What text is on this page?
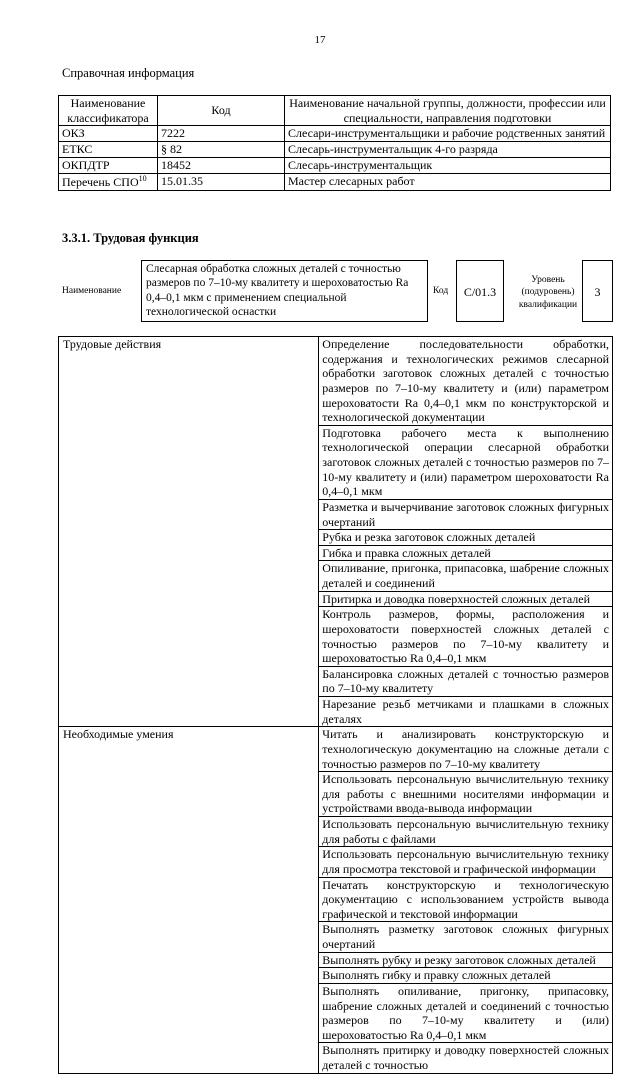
17
Справочная информация
Наименование классификатора	Код	Наименование начальной группы, должности, профессии или специальности, направления подготовки
ОКЗ	7222	Слесари-инструментальщики и рабочие родственных занятий
ЕТКС	§ 82	Слесарь-инструментальщик 4-го разряда
ОКПДТР	18452	Слесарь-инструментальщик
Перечень СПО$^{10}$	15.01.35	Мастер слесарных работ
3.3.1. Трудовая функция
Наименование
Слесарная обработка сложных деталей с точностью размеров по 7–10-му квалитету и шероховатостью Ra 0,4–0,1 мкм с применением специальной технологической оснастки
Код	C/01.3
Уровень (подуровень) квалификации
3
Трудовые действия	Определение последовательности обработки, содержания и технологических режимов слесарной обработки заготовок сложных деталей с точностью размеров по 7–10-му квалитету и (или) параметром шероховатости Ra 0,4–0,1 мкм по конструкторской и технологической документации
	Подготовка рабочего места к выполнению технологической операции слесарной обработки заготовок сложных деталей с точностью размеров по 7–10-му квалитету и (или) параметром шероховатости Ra 0,4–0,1 мкм
	Разметка и вычерчивание заготовок сложных фигурных очертаний
	Рубка и резка заготовок сложных деталей
	Гибка и правка сложных деталей
	Опиливание, пригонка, припасовка, шабрение сложных деталей и соединений
	Притирка и доводка поверхностей сложных деталей
	Контроль размеров, формы, расположения и шероховатости поверхностей сложных деталей с точностью размеров по 7–10-му квалитету и шероховатостью Ra 0,4–0,1 мкм
	Балансировка сложных деталей с точностью размеров по 7–10-му квалитету
	Нарезание резьб метчиками и плашками в сложных деталях
Необходимые умения	Читать и анализировать конструкторскую и технологическую документацию на сложные детали с точностью размеров по 7–10-му квалитету
	Использовать персональную вычислительную технику для работы с внешними носителями информации и устройствами ввода-вывода информации
	Использовать персональную вычислительную технику для работы с файлами
	Использовать персональную вычислительную технику для просмотра текстовой и графической информации
	Печатать конструкторскую и технологическую документацию с использованием устройств вывода графической и текстовой информации
	Выполнять разметку заготовок сложных фигурных очертаний
	Выполнять рубку и резку заготовок сложных деталей
	Выполнять гибку и правку сложных деталей
	Выполнять опиливание, пригонку, припасовку, шабрение сложных деталей и соединений с точностью размеров по 7–10-му квалитету и (или) шероховатостью Ra 0,4–0,1 мкм
	Выполнять притирку и доводку поверхностей сложных деталей с точностью
